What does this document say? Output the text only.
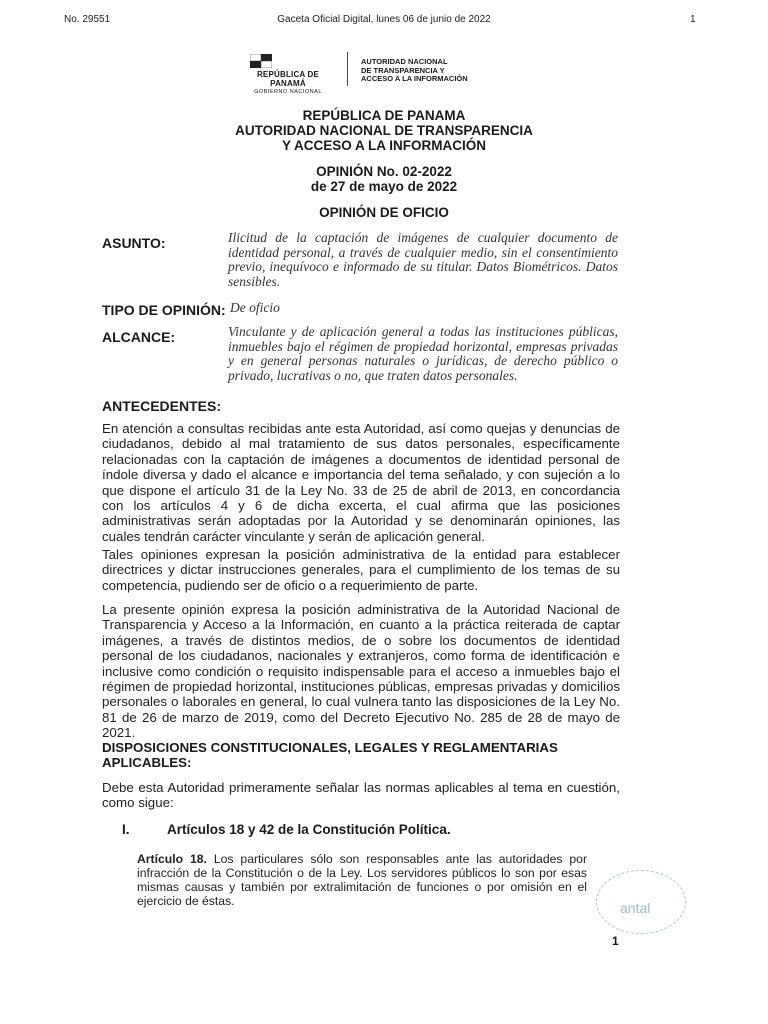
No. 29551	Gaceta Oficial Digital, lunes 06 de junio de 2022	1
REPÚBLICA DE PANAMÁ
GOBIERNO NACIONAL
AUTORIDAD NACIONAL
DE TRANSPARENCIA Y
ACCESO A LA INFORMACIÓN
REPÚBLICA DE PANAMA
AUTORIDAD NACIONAL DE TRANSPARENCIA
Y ACCESO A LA INFORMACIÓN
OPINIÓN No. 02-2022
de 27 de mayo de 2022
OPINIÓN DE OFICIO
ASUNTO:	Ilicitud de la captación de imágenes de cualquier documento de identidad personal, a través de cualquier medio, sin el consentimiento previo, inequívoco e informado de su titular. Datos Biométricos. Datos sensibles.
TIPO DE OPINIÓN: De oficio
ALCANCE:	Vinculante y de aplicación general a todas las instituciones públicas, inmuebles bajo el régimen de propiedad horizontal, empresas privadas y en general personas naturales o jurídicas, de derecho público o privado, lucrativas o no, que traten datos personales.
ANTECEDENTES:

En atención a consultas recibidas ante esta Autoridad, así como quejas y denuncias de ciudadanos, debido al mal tratamiento de sus datos personales, específicamente relacionadas con la captación de imágenes a documentos de identidad personal de índole diversa y dado el alcance e importancia del tema señalado, y con sujeción a lo que dispone el artículo 31 de la Ley No. 33 de 25 de abril de 2013, en concordancia con los artículos 4 y 6 de dicha excerta, el cual afirma que las posiciones administrativas serán adoptadas por la Autoridad y se denominarán opiniones, las cuales tendrán carácter vinculante y serán de aplicación general.

Tales opiniones expresan la posición administrativa de la entidad para establecer directrices y dictar instrucciones generales, para el cumplimiento de los temas de su competencia, pudiendo ser de oficio o a requerimiento de parte.

La presente opinión expresa la posición administrativa de la Autoridad Nacional de Transparencia y Acceso a la Información, en cuanto a la práctica reiterada de captar imágenes, a través de distintos medios, de o sobre los documentos de identidad personal de los ciudadanos, nacionales y extranjeros, como forma de identificación e inclusive como condición o requisito indispensable para el acceso a inmuebles bajo el régimen de propiedad horizontal, instituciones públicas, empresas privadas y domicilios personales o laborales en general, lo cual vulnera tanto las disposiciones de la Ley No. 81 de 26 de marzo de 2019, como del Decreto Ejecutivo No. 285 de 28 de mayo de 2021.

DISPOSICIONES CONSTITUCIONALES, LEGALES Y REGLAMENTARIAS APLICABLES:

Debe esta Autoridad primeramente señalar las normas aplicables al tema en cuestión, como sigue:

I.	Artículos 18 y 42 de la Constitución Política.
Artículo 18. Los particulares sólo son responsables ante las autoridades por infracción de la Constitución o de la Ley. Los servidores públicos lo son por esas mismas causas y también por extralimitación de funciones o por omisión en el ejercicio de éstas.	antal
1
